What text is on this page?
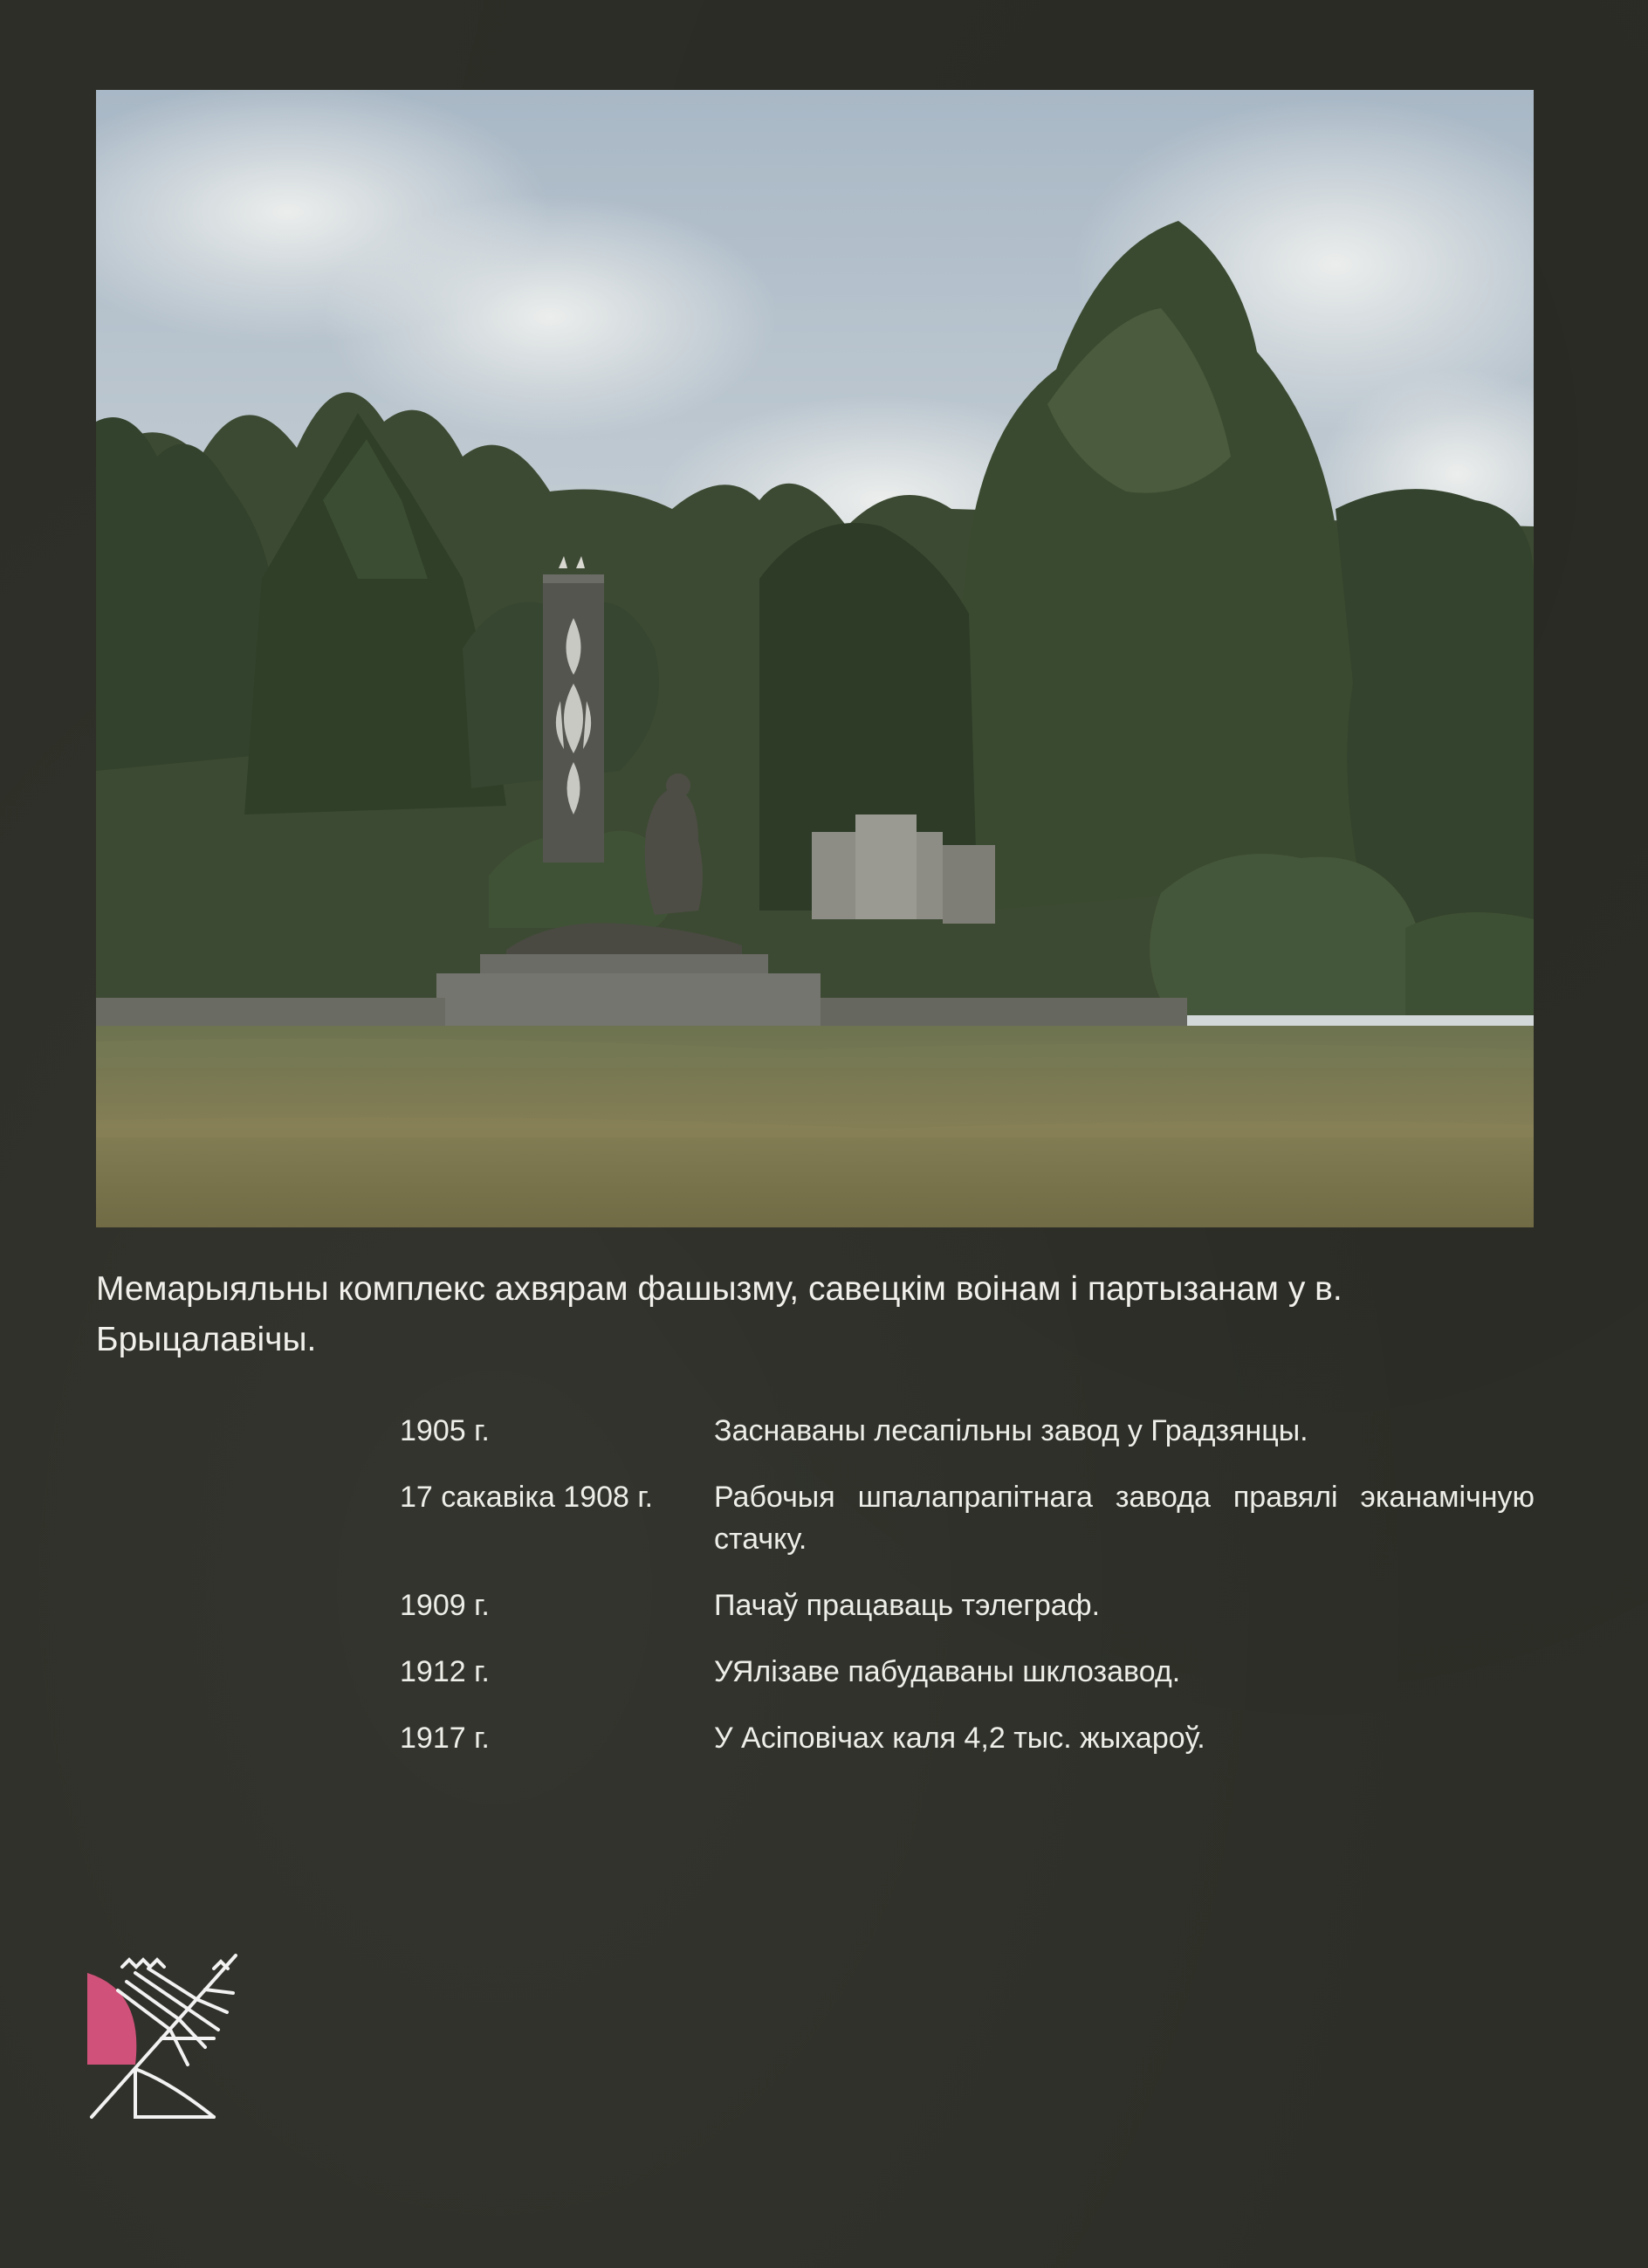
Мемарыяльны комплекс ахвярам фашызму, савецкім воінам і партызанам у в. Брыцалавічы.

1905 г.	Заснаваны лесапільны завод у Градзянцы.
17 сакавіка 1908 г.	Рабочыя шпалапрапітнага завода правялі эканамічную стачку.
1909 г.	Пачаў працаваць тэлеграф.
1912 г.	УЯлізаве пабудаваны шклозавод.
1917 г.	У Асіповічах каля 4,2 тыс. жыхароў.
